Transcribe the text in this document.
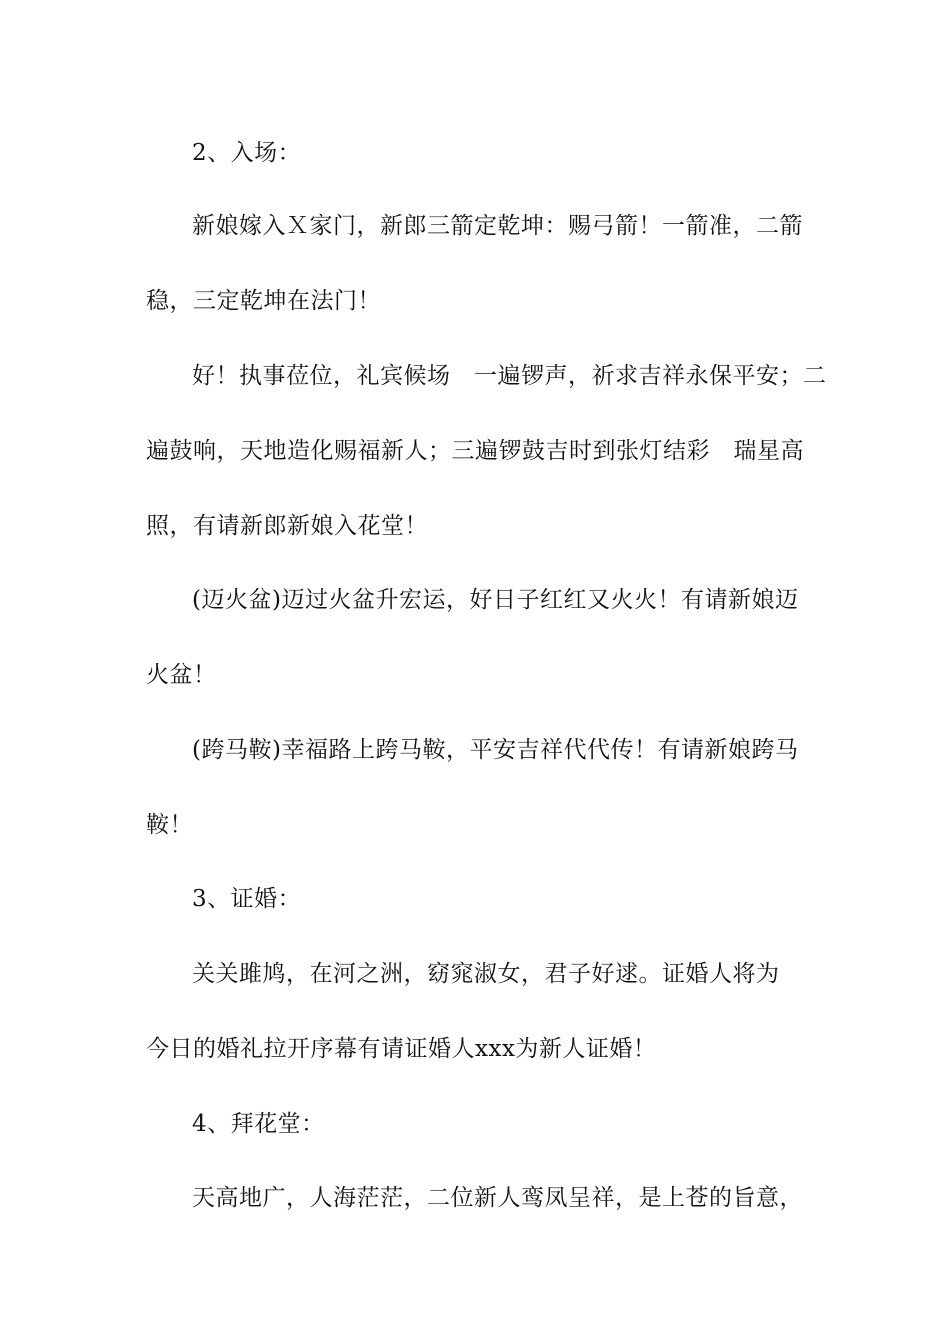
2、入场：
新娘嫁入Ｘ家门，新郎三箭定乾坤：赐弓箭！一箭准，二箭
稳，三定乾坤在法门！
好！执事莅位，礼宾候场　一遍锣声，祈求吉祥永保平安；二
遍鼓响，天地造化赐福新人；三遍锣鼓吉时到张灯结彩　瑞星高
照，有请新郎新娘入花堂！
(迈火盆)迈过火盆升宏运，好日子红红又火火！有请新娘迈
火盆！
(跨马鞍)幸福路上跨马鞍，平安吉祥代代传！有请新娘跨马
鞍！
3、证婚：
关关雎鸠，在河之洲，窈窕淑女，君子好逑。证婚人将为
今日的婚礼拉开序幕有请证婚人xxx为新人证婚！
4、拜花堂：
天高地广，人海茫茫，二位新人鸾凤呈祥，是上苍的旨意，
